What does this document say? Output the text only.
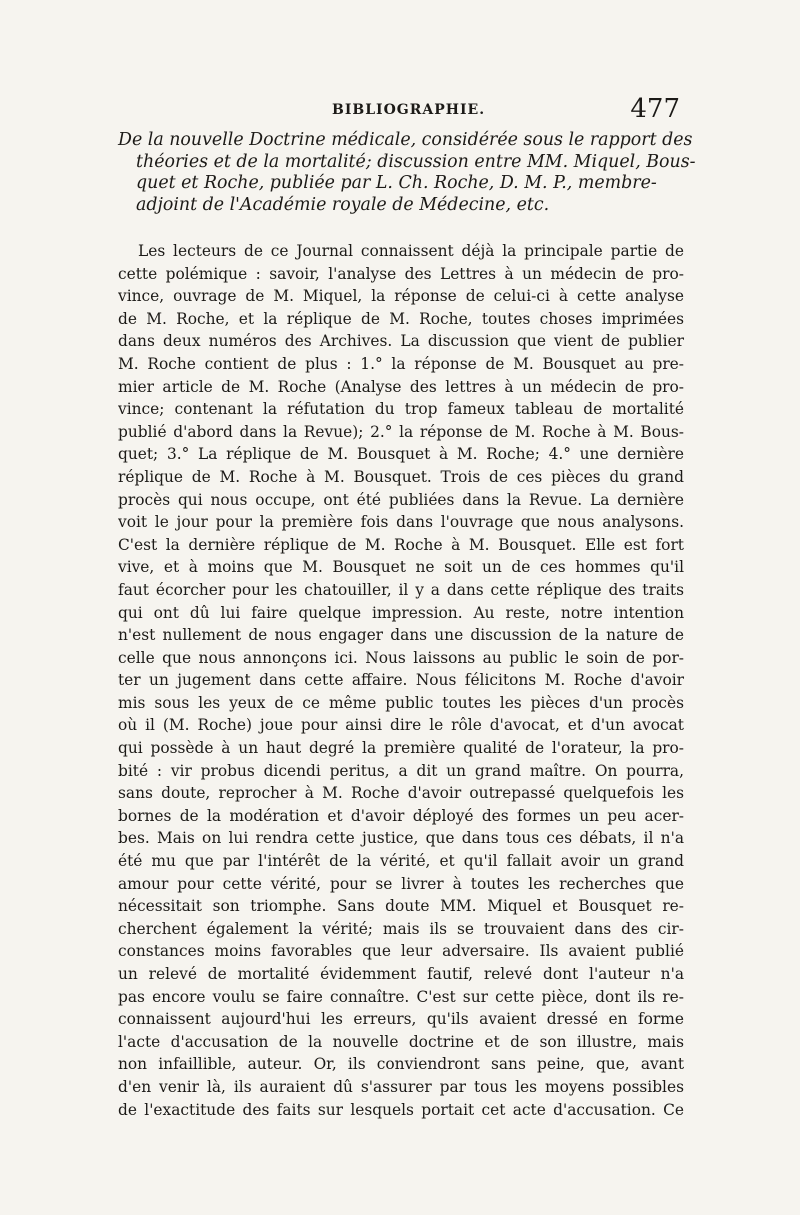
BIBLIOGRAPHIE.	477
De la nouvelle Doctrine médicale, considérée sous le rapport des
théories et de la mortalité; discussion entre MM. Miquel, Bous-
quet et Roche, publiée par L. Ch. Roche, D. M. P., membre-
adjoint de l'Académie royale de Médecine, etc.
Les lecteurs de ce Journal connaissent déjà la principale partie de
cette polémique : savoir, l'analyse des Lettres à un médecin de pro-
vince, ouvrage de M. Miquel, la réponse de celui-ci à cette analyse
de M. Roche, et la réplique de M. Roche, toutes choses imprimées
dans deux numéros des Archives. La discussion que vient de publier
M. Roche contient de plus : 1.° la réponse de M. Bousquet au pre-
mier article de M. Roche (Analyse des lettres à un médecin de pro-
vince; contenant la réfutation du trop fameux tableau de mortalité
publié d'abord dans la Revue); 2.° la réponse de M. Roche à M. Bous-
quet; 3.° La réplique de M. Bousquet à M. Roche; 4.° une dernière
réplique de M. Roche à M. Bousquet. Trois de ces pièces du grand
procès qui nous occupe, ont été publiées dans la Revue. La dernière
voit le jour pour la première fois dans l'ouvrage que nous analysons.
C'est la dernière réplique de M. Roche à M. Bousquet. Elle est fort
vive, et à moins que M. Bousquet ne soit un de ces hommes qu'il
faut écorcher pour les chatouiller, il y a dans cette réplique des traits
qui ont dû lui faire quelque impression. Au reste, notre intention
n'est nullement de nous engager dans une discussion de la nature de
celle que nous annonçons ici. Nous laissons au public le soin de por-
ter un jugement dans cette affaire. Nous félicitons M. Roche d'avoir
mis sous les yeux de ce même public toutes les pièces d'un procès
où il (M. Roche) joue pour ainsi dire le rôle d'avocat, et d'un avocat
qui possède à un haut degré la première qualité de l'orateur, la pro-
bité : vir probus dicendi peritus, a dit un grand maître. On pourra,
sans doute, reprocher à M. Roche d'avoir outrepassé quelquefois les
bornes de la modération et d'avoir déployé des formes un peu acer-
bes. Mais on lui rendra cette justice, que dans tous ces débats, il n'a
été mu que par l'intérêt de la vérité, et qu'il fallait avoir un grand
amour pour cette vérité, pour se livrer à toutes les recherches que
nécessitait son triomphe. Sans doute MM. Miquel et Bousquet re-
cherchent également la vérité; mais ils se trouvaient dans des cir-
constances moins favorables que leur adversaire. Ils avaient publié
un relevé de mortalité évidemment fautif, relevé dont l'auteur n'a
pas encore voulu se faire connaître. C'est sur cette pièce, dont ils re-
connaissent aujourd'hui les erreurs, qu'ils avaient dressé en forme
l'acte d'accusation de la nouvelle doctrine et de son illustre, mais
non infaillible, auteur. Or, ils conviendront sans peine, que, avant
d'en venir là, ils auraient dû s'assurer par tous les moyens possibles
de l'exactitude des faits sur lesquels portait cet acte d'accusation. Ce
